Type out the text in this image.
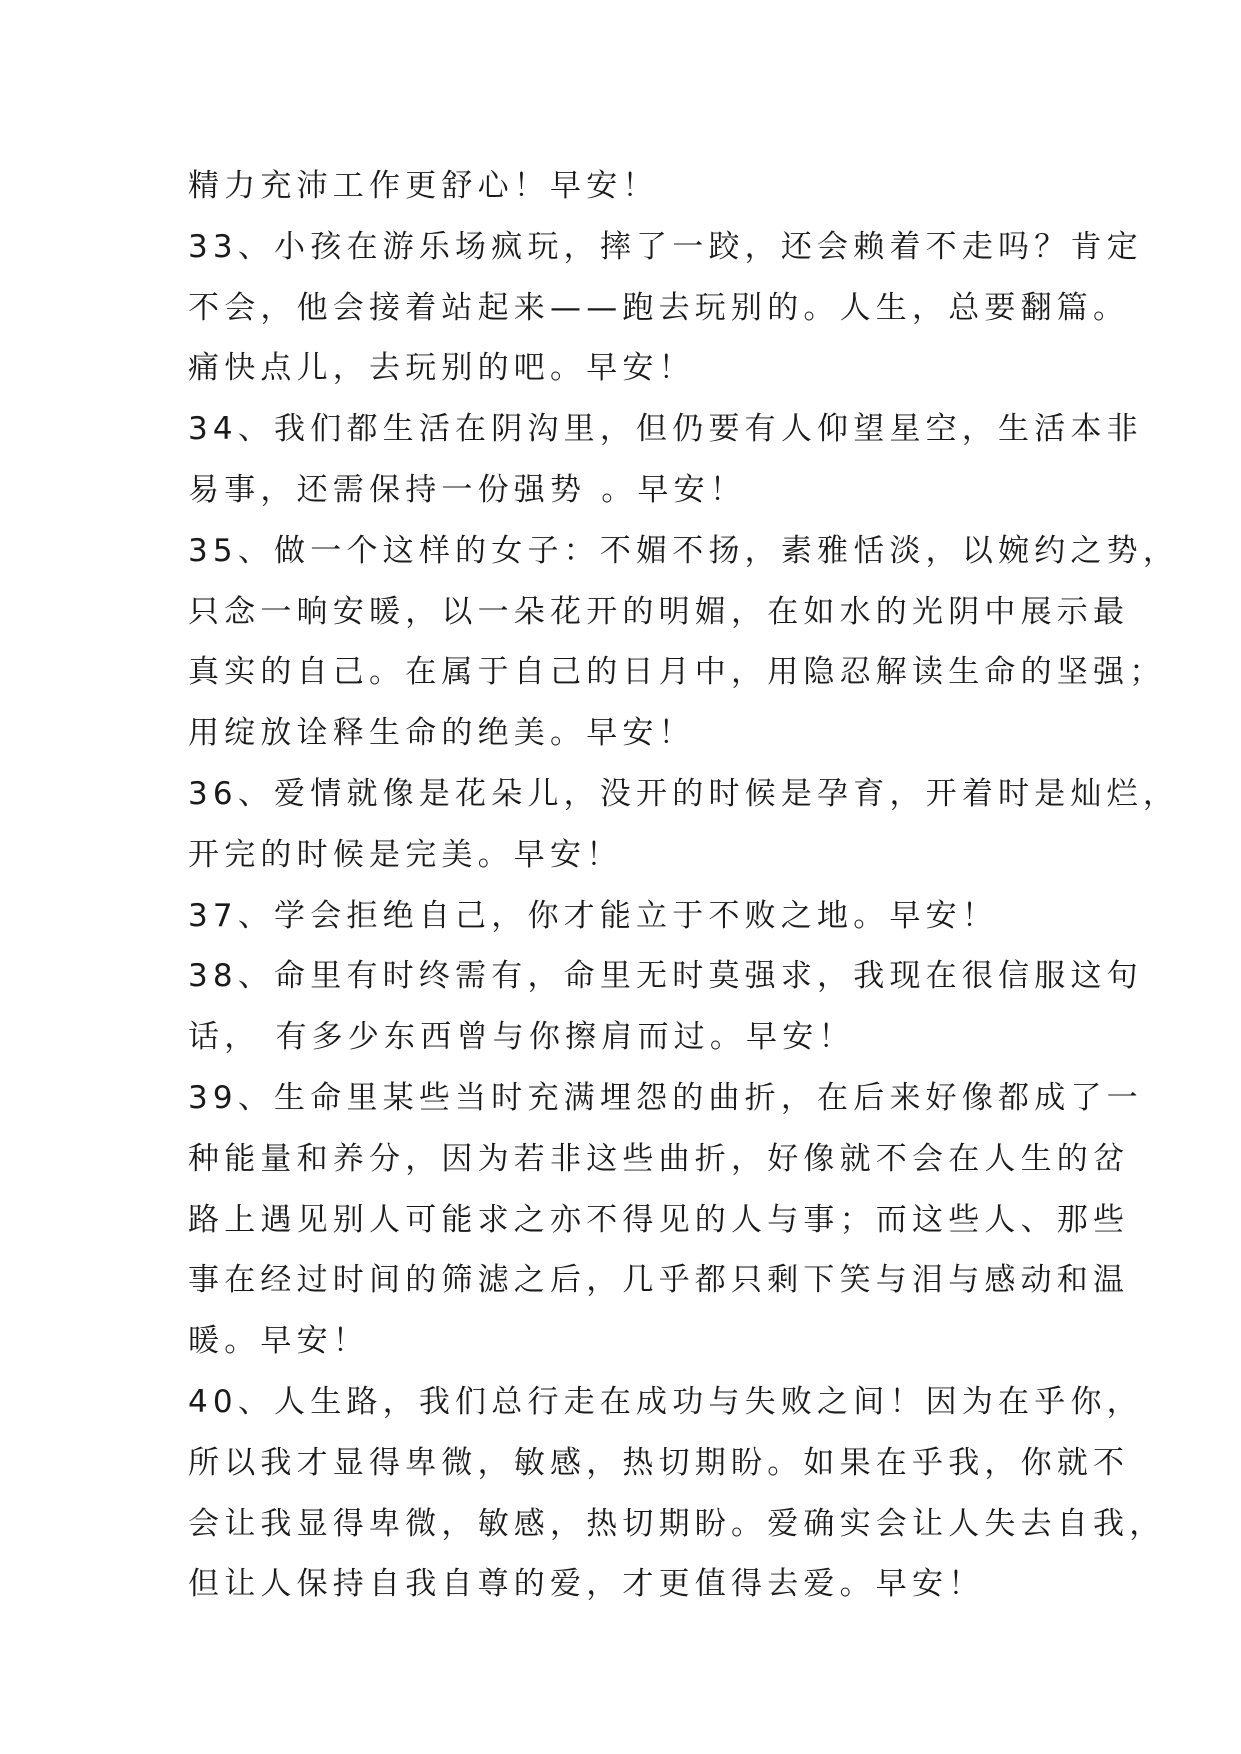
精力充沛工作更舒心！早安！
33、小孩在游乐场疯玩，摔了一跤，还会赖着不走吗？肯定
不会，他会接着站起来——跑去玩别的。人生，总要翻篇。
痛快点儿，去玩别的吧。早安！
34、我们都生活在阴沟里，但仍要有人仰望星空，生活本非
易事，还需保持一份强势 。早安！
35、做一个这样的女子：不媚不扬，素雅恬淡，以婉约之势，
只念一晌安暖，以一朵花开的明媚，在如水的光阴中展示最
真实的自己。在属于自己的日月中，用隐忍解读生命的坚强；
用绽放诠释生命的绝美。早安！
36、爱情就像是花朵儿，没开的时候是孕育，开着时是灿烂，
开完的时候是完美。早安！
37、学会拒绝自己，你才能立于不败之地。早安！
38、命里有时终需有，命里无时莫强求，我现在很信服这句
话， 有多少东西曾与你擦肩而过。早安！
39、生命里某些当时充满埋怨的曲折，在后来好像都成了一
种能量和养分，因为若非这些曲折，好像就不会在人生的岔
路上遇见别人可能求之亦不得见的人与事；而这些人、那些
事在经过时间的筛滤之后，几乎都只剩下笑与泪与感动和温
暖。早安！
40、人生路，我们总行走在成功与失败之间！因为在乎你，
所以我才显得卑微，敏感，热切期盼。如果在乎我，你就不
会让我显得卑微，敏感，热切期盼。爱确实会让人失去自我，
但让人保持自我自尊的爱，才更值得去爱。早安！
